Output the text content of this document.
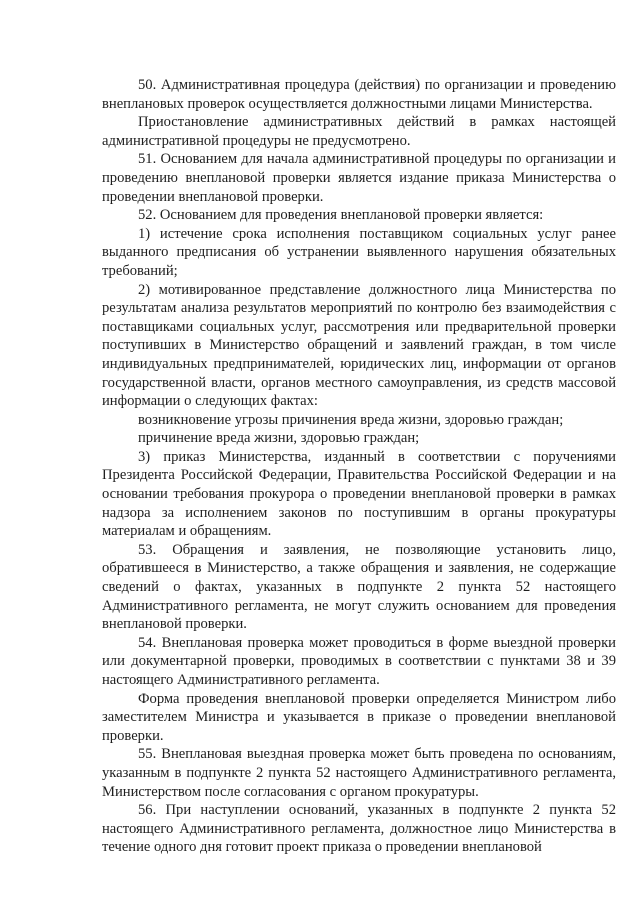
50. Административная процедура (действия) по организации и проведению внеплановых проверок осуществляется должностными лицами Министерства.

Приостановление административных действий в рамках настоящей административной процедуры не предусмотрено.

51. Основанием для начала административной процедуры по организации и проведению внеплановой проверки является издание приказа Министерства о проведении внеплановой проверки.

52. Основанием для проведения внеплановой проверки является:

1) истечение срока исполнения поставщиком социальных услуг ранее выданного предписания об устранении выявленного нарушения обязательных требований;

2) мотивированное представление должностного лица Министерства по результатам анализа результатов мероприятий по контролю без взаимодействия с поставщиками социальных услуг, рассмотрения или предварительной проверки поступивших в Министерство обращений и заявлений граждан, в том числе индивидуальных предпринимателей, юридических лиц, информации от органов государственной власти, органов местного самоуправления, из средств массовой информации о следующих фактах:

возникновение угрозы причинения вреда жизни, здоровью граждан;

причинение вреда жизни, здоровью граждан;

3) приказ Министерства, изданный в соответствии с поручениями Президента Российской Федерации, Правительства Российской Федерации и на основании требования прокурора о проведении внеплановой проверки в рамках надзора за исполнением законов по поступившим в органы прокуратуры материалам и обращениям.

53. Обращения и заявления, не позволяющие установить лицо, обратившееся в Министерство, а также обращения и заявления, не содержащие сведений о фактах, указанных в подпункте 2 пункта 52 настоящего Административного регламента, не могут служить основанием для проведения внеплановой проверки.

54. Внеплановая проверка может проводиться в форме выездной проверки или документарной проверки, проводимых в соответствии с пунктами 38 и 39 настоящего Административного регламента.

Форма проведения внеплановой проверки определяется Министром либо заместителем Министра и указывается в приказе о проведении внеплановой проверки.

55. Внеплановая выездная проверка может быть проведена по основаниям, указанным в подпункте 2 пункта 52 настоящего Административного регламента, Министерством после согласования с органом прокуратуры.

56. При наступлении оснований, указанных в подпункте 2 пункта 52 настоящего Административного регламента, должностное лицо Министерства в течение одного дня готовит проект приказа о проведении внеплановой
